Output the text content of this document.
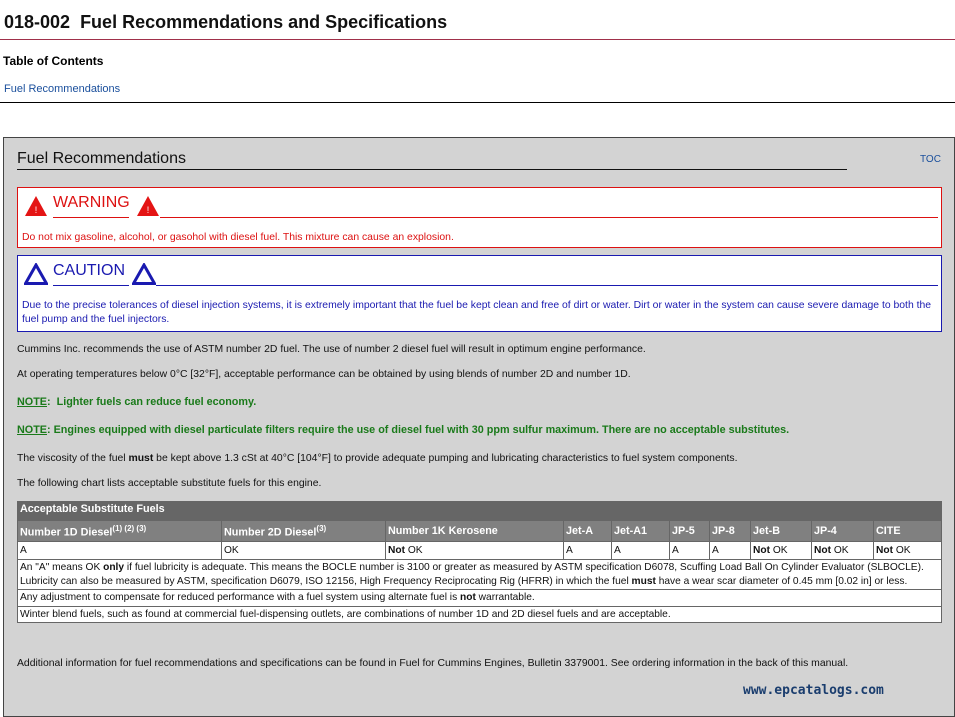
018-002 Fuel Recommendations and Specifications
Table of Contents
Fuel Recommendations
Fuel Recommendations	TOC
! WARNING !
Do not mix gasoline, alcohol, or gasohol with diesel fuel. This mixture can cause an explosion.
CAUTION
Due to the precise tolerances of diesel injection systems, it is extremely important that the fuel be kept clean and free of dirt or water. Dirt or water in the system can cause severe damage to both the fuel pump and the fuel injectors.

Cummins Inc. recommends the use of ASTM number 2D fuel. The use of number 2 diesel fuel will result in optimum engine performance.

At operating temperatures below 0°C [32°F], acceptable performance can be obtained by using blends of number 2D and number 1D.

NOTE:  Lighter fuels can reduce fuel economy.

NOTE: Engines equipped with diesel particulate filters require the use of diesel fuel with 30 ppm sulfur maximum. There are no acceptable substitutes.

The viscosity of the fuel must be kept above 1.3 cSt at 40°C [104°F] to provide adequate pumping and lubricating characteristics to fuel system components.

The following chart lists acceptable substitute fuels for this engine.

Acceptable Substitute Fuels									
Number 1D Diesel$^{(1) (2) (3)}$	Number 2D Diesel$^{(3)}$	Number 1K Kerosene	Jet-A	Jet-A1	JP-5	JP-8	Jet-B	JP-4	CITE
A	OK	Not OK	A	A	A	A	Not OK	Not OK	Not OK
An "A" means OK only if fuel lubricity is adequate. This means the BOCLE number is 3100 or greater as measured by ASTM specification D6078, Scuffing Load Ball On Cylinder Evaluator (SLBOCLE). Lubricity can also be measured by ASTM, specification D6079, ISO 12156, High Frequency Reciprocating Rig (HFRR) in which the fuel must have a wear scar diameter of 0.45 mm [0.02 in] or less.									
Any adjustment to compensate for reduced performance with a fuel system using alternate fuel is not warrantable.									
Winter blend fuels, such as found at commercial fuel-dispensing outlets, are combinations of number 1D and 2D diesel fuels and are acceptable.									

Additional information for fuel recommendations and specifications can be found in Fuel for Cummins Engines, Bulletin 3379001. See ordering information in the back of this manual.

www.epcatalogs.com
